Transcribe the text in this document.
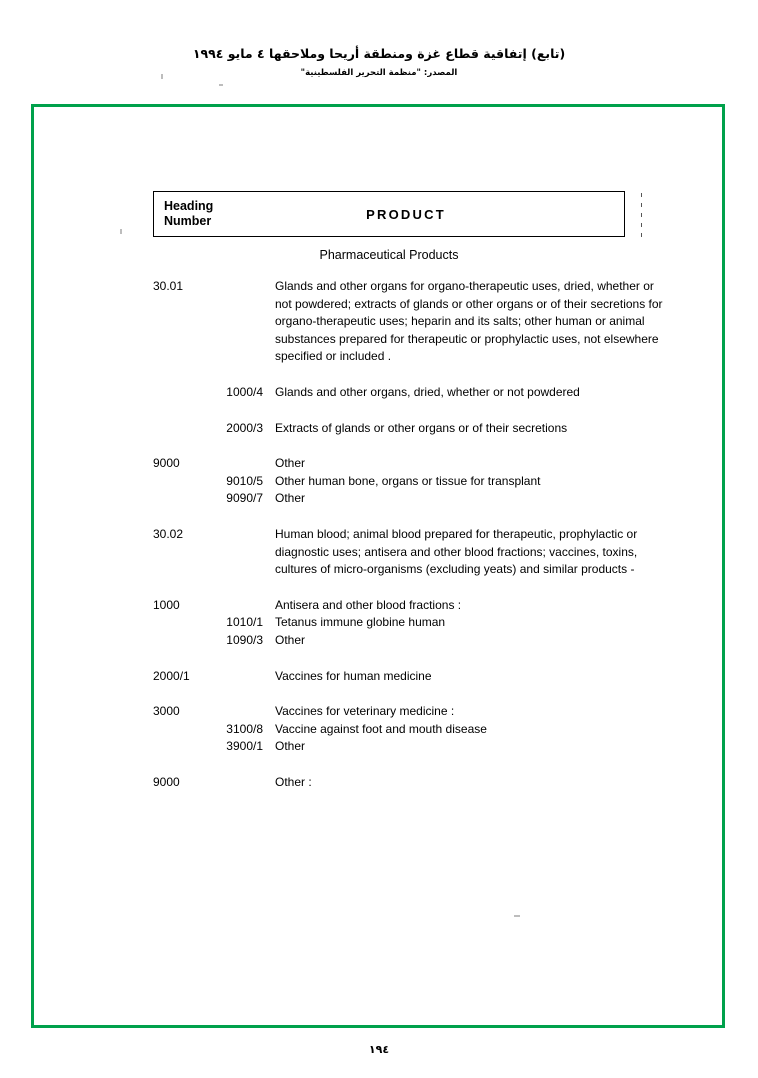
(تابع) إتفاقية قطاع غزة ومنطقة أريحا وملاحقها ٤ مايو ١٩٩٤
المصدر: "منظمة التحرير الفلسطينية"
Heading
Number	PRODUCT
Pharmaceutical Products
30.01	Glands and other organs for organo-therapeutic uses, dried, whether or not powdered; extracts of glands or other organs or of their secretions for organo-therapeutic uses; heparin and its salts; other human or animal substances prepared for therapeutic or prophylactic uses, not elsewhere specified or included .
1000/4	Glands and other organs, dried, whether or not powdered
2000/3	Extracts of glands or other organs or of their secretions
9000	Other
9010/5	Other human bone, organs or tissue for transplant
9090/7	Other
30.02	Human blood; animal blood prepared for therapeutic, prophylactic or diagnostic uses; antisera and other blood fractions; vaccines, toxins, cultures of micro-organisms (excluding yeats) and similar products -
1000	Antisera and other blood fractions :
1010/1	Tetanus immune globine human
1090/3	Other
2000/1	Vaccines for human medicine
3000	Vaccines for veterinary medicine :
3100/8	Vaccine against foot and mouth disease
3900/1	Other
9000	Other :
١٩٤
